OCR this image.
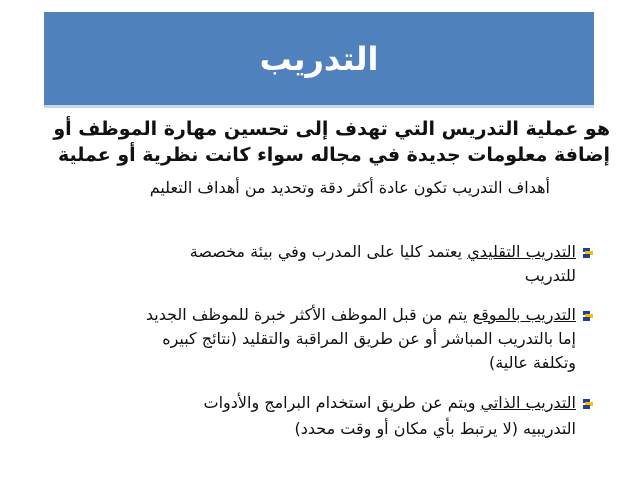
التدريب
هو عملية التدريس التي تهدف إلى تحسين مهارة الموظف أو
إضافة معلومات جديدة في مجاله سواء كانت نظرية أو عملية
أهداف التدريب تكون عادة أكثر دقة وتحديد من أهداف التعليم
التدريب التقليدي يعتمد كليا على المدرب وفي بيئة مخصصة
للتدريب
التدريب بالموقع يتم من قبل الموظف الأكثر خبرة للموظف الجديد
إما بالتدريب المباشر أو عن طريق المراقبة والتقليد (نتائج كبيره
وتكلفة عالية)
التدريب الذاتي ويتم عن طريق استخدام البرامج والأدوات
التدريبيه (لا يرتبط بأي مكان أو وقت محدد)
